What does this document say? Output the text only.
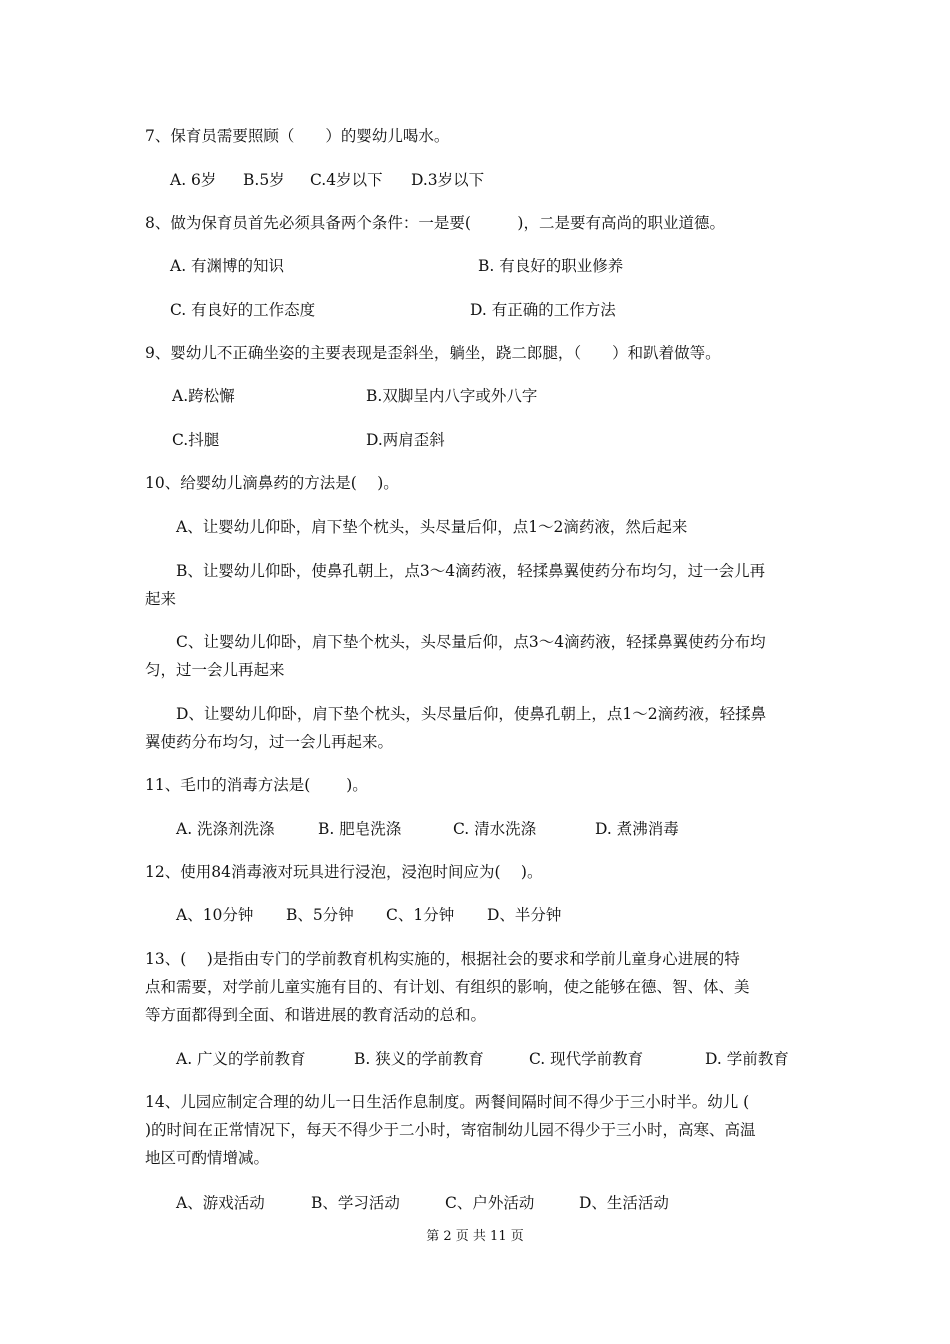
7、保育员需要照顾（　　）的婴幼儿喝水。
A. 6岁 B.5岁 C.4岁以下 D.3岁以下
8、做为保育员首先必须具备两个条件：一是要(　　　)，二是要有高尚的职业道德。
A. 有渊博的知识	B. 有良好的职业修养
C. 有良好的工作态度	D. 有正确的工作方法
9、婴幼儿不正确坐姿的主要表现是歪斜坐，躺坐，跷二郎腿，（　　）和趴着做等。
A.跨松懈	B.双脚呈内八字或外八字
C.抖腿	D.两肩歪斜
10、给婴幼儿滴鼻药的方法是(　 )。
A、让婴幼儿仰卧，肩下垫个枕头，头尽量后仰，点1～2滴药液，然后起来
B、让婴幼儿仰卧，使鼻孔朝上，点3～4滴药液，轻揉鼻翼使药分布均匀，过一会儿再
起来
C、让婴幼儿仰卧，肩下垫个枕头，头尽量后仰，点3～4滴药液，轻揉鼻翼使药分布均
匀，过一会儿再起来
D、让婴幼儿仰卧，肩下垫个枕头，头尽量后仰，使鼻孔朝上，点1～2滴药液，轻揉鼻
翼使药分布均匀，过一会儿再起来。
11、毛巾的消毒方法是(　　 )。
A. 洗涤剂洗涤	B. 肥皂洗涤	C. 清水洗涤	D. 煮沸消毒
12、使用84消毒液对玩具进行浸泡，浸泡时间应为(　 )。
A、10分钟 B、5分钟 C、1分钟 D、半分钟
13、(　 )是指由专门的学前教育机构实施的，根据社会的要求和学前儿童身心进展的特
点和需要，对学前儿童实施有目的、有计划、有组织的影响，使之能够在德、智、体、美
等方面都得到全面、和谐进展的教育活动的总和。
A. 广义的学前教育	B. 狭义的学前教育	C. 现代学前教育	D. 学前教育
14、儿园应制定合理的幼儿一日生活作息制度。两餐间隔时间不得少于三小时半。幼儿 (
)的时间在正常情况下，每天不得少于二小时，寄宿制幼儿园不得少于三小时，高寒、高温
地区可酌情增减。
A、游戏活动	B、学习活动	C、户外活动	D、生活活动
第 2 页 共 11 页
